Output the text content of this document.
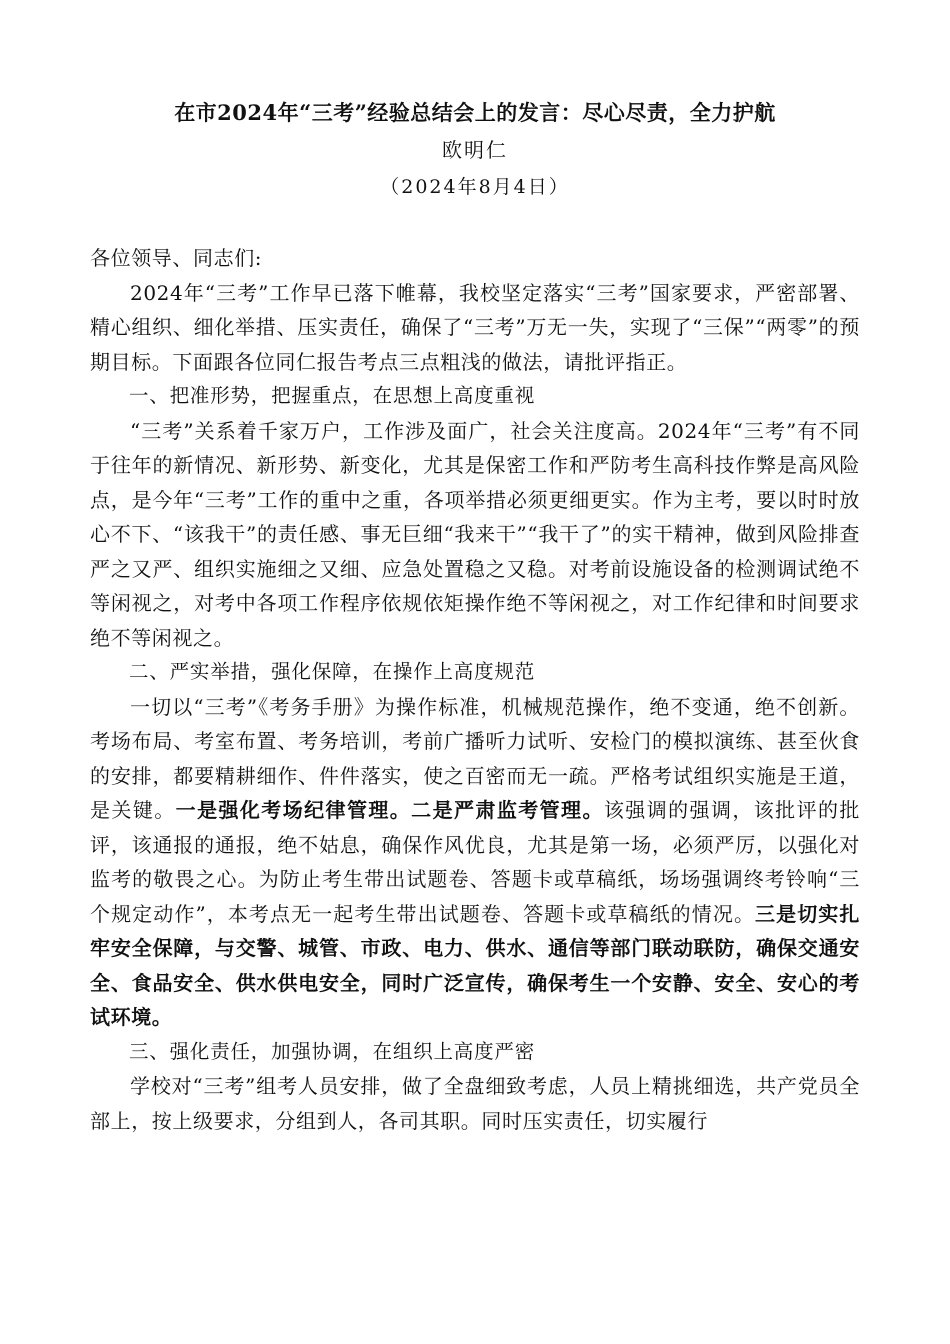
在市2024年“三考”经验总结会上的发言：尽心尽责，全力护航
欧明仁
（2024年8月4日）

各位领导、同志们:

2024年“三考”工作早已落下帷幕，我校坚定落实“三考”国家要求，严密部署、精心组织、细化举措、压实责任，确保了“三考”万无一失，实现了“三保”“两零”的预期目标。下面跟各位同仁报告考点三点粗浅的做法，请批评指正。

一、把准形势，把握重点，在思想上高度重视

“三考”关系着千家万户，工作涉及面广，社会关注度高。2024年“三考”有不同于往年的新情况、新形势、新变化，尤其是保密工作和严防考生高科技作弊是高风险点，是今年“三考”工作的重中之重，各项举措必须更细更实。作为主考，要以时时放心不下、“该我干”的责任感、事无巨细“我来干”“我干了”的实干精神，做到风险排查严之又严、组织实施细之又细、应急处置稳之又稳。对考前设施设备的检测调试绝不等闲视之，对考中各项工作程序依规依矩操作绝不等闲视之，对工作纪律和时间要求绝不等闲视之。

二、严实举措，强化保障，在操作上高度规范

一切以“三考”《考务手册》为操作标准，机械规范操作，绝不变通，绝不创新。考场布局、考室布置、考务培训，考前广播听力试听、安检门的模拟演练、甚至伙食的安排，都要精耕细作、件件落实，使之百密而无一疏。严格考试组织实施是王道，是关键。一是强化考场纪律管理。二是严肃监考管理。该强调的强调，该批评的批评，该通报的通报，绝不姑息，确保作风优良，尤其是第一场，必须严厉，以强化对监考的敬畏之心。为防止考生带出试题卷、答题卡或草稿纸，场场强调终考铃响“三个规定动作”，本考点无一起考生带出试题卷、答题卡或草稿纸的情况。三是切实扎牢安全保障，与交警、城管、市政、电力、供水、通信等部门联动联防，确保交通安全、食品安全、供水供电安全，同时广泛宣传，确保考生一个安静、安全、安心的考试环境。

三、强化责任，加强协调，在组织上高度严密

学校对“三考”组考人员安排，做了全盘细致考虑，人员上精挑细选，共产党员全部上，按上级要求，分组到人，各司其职。同时压实责任，切实履行
